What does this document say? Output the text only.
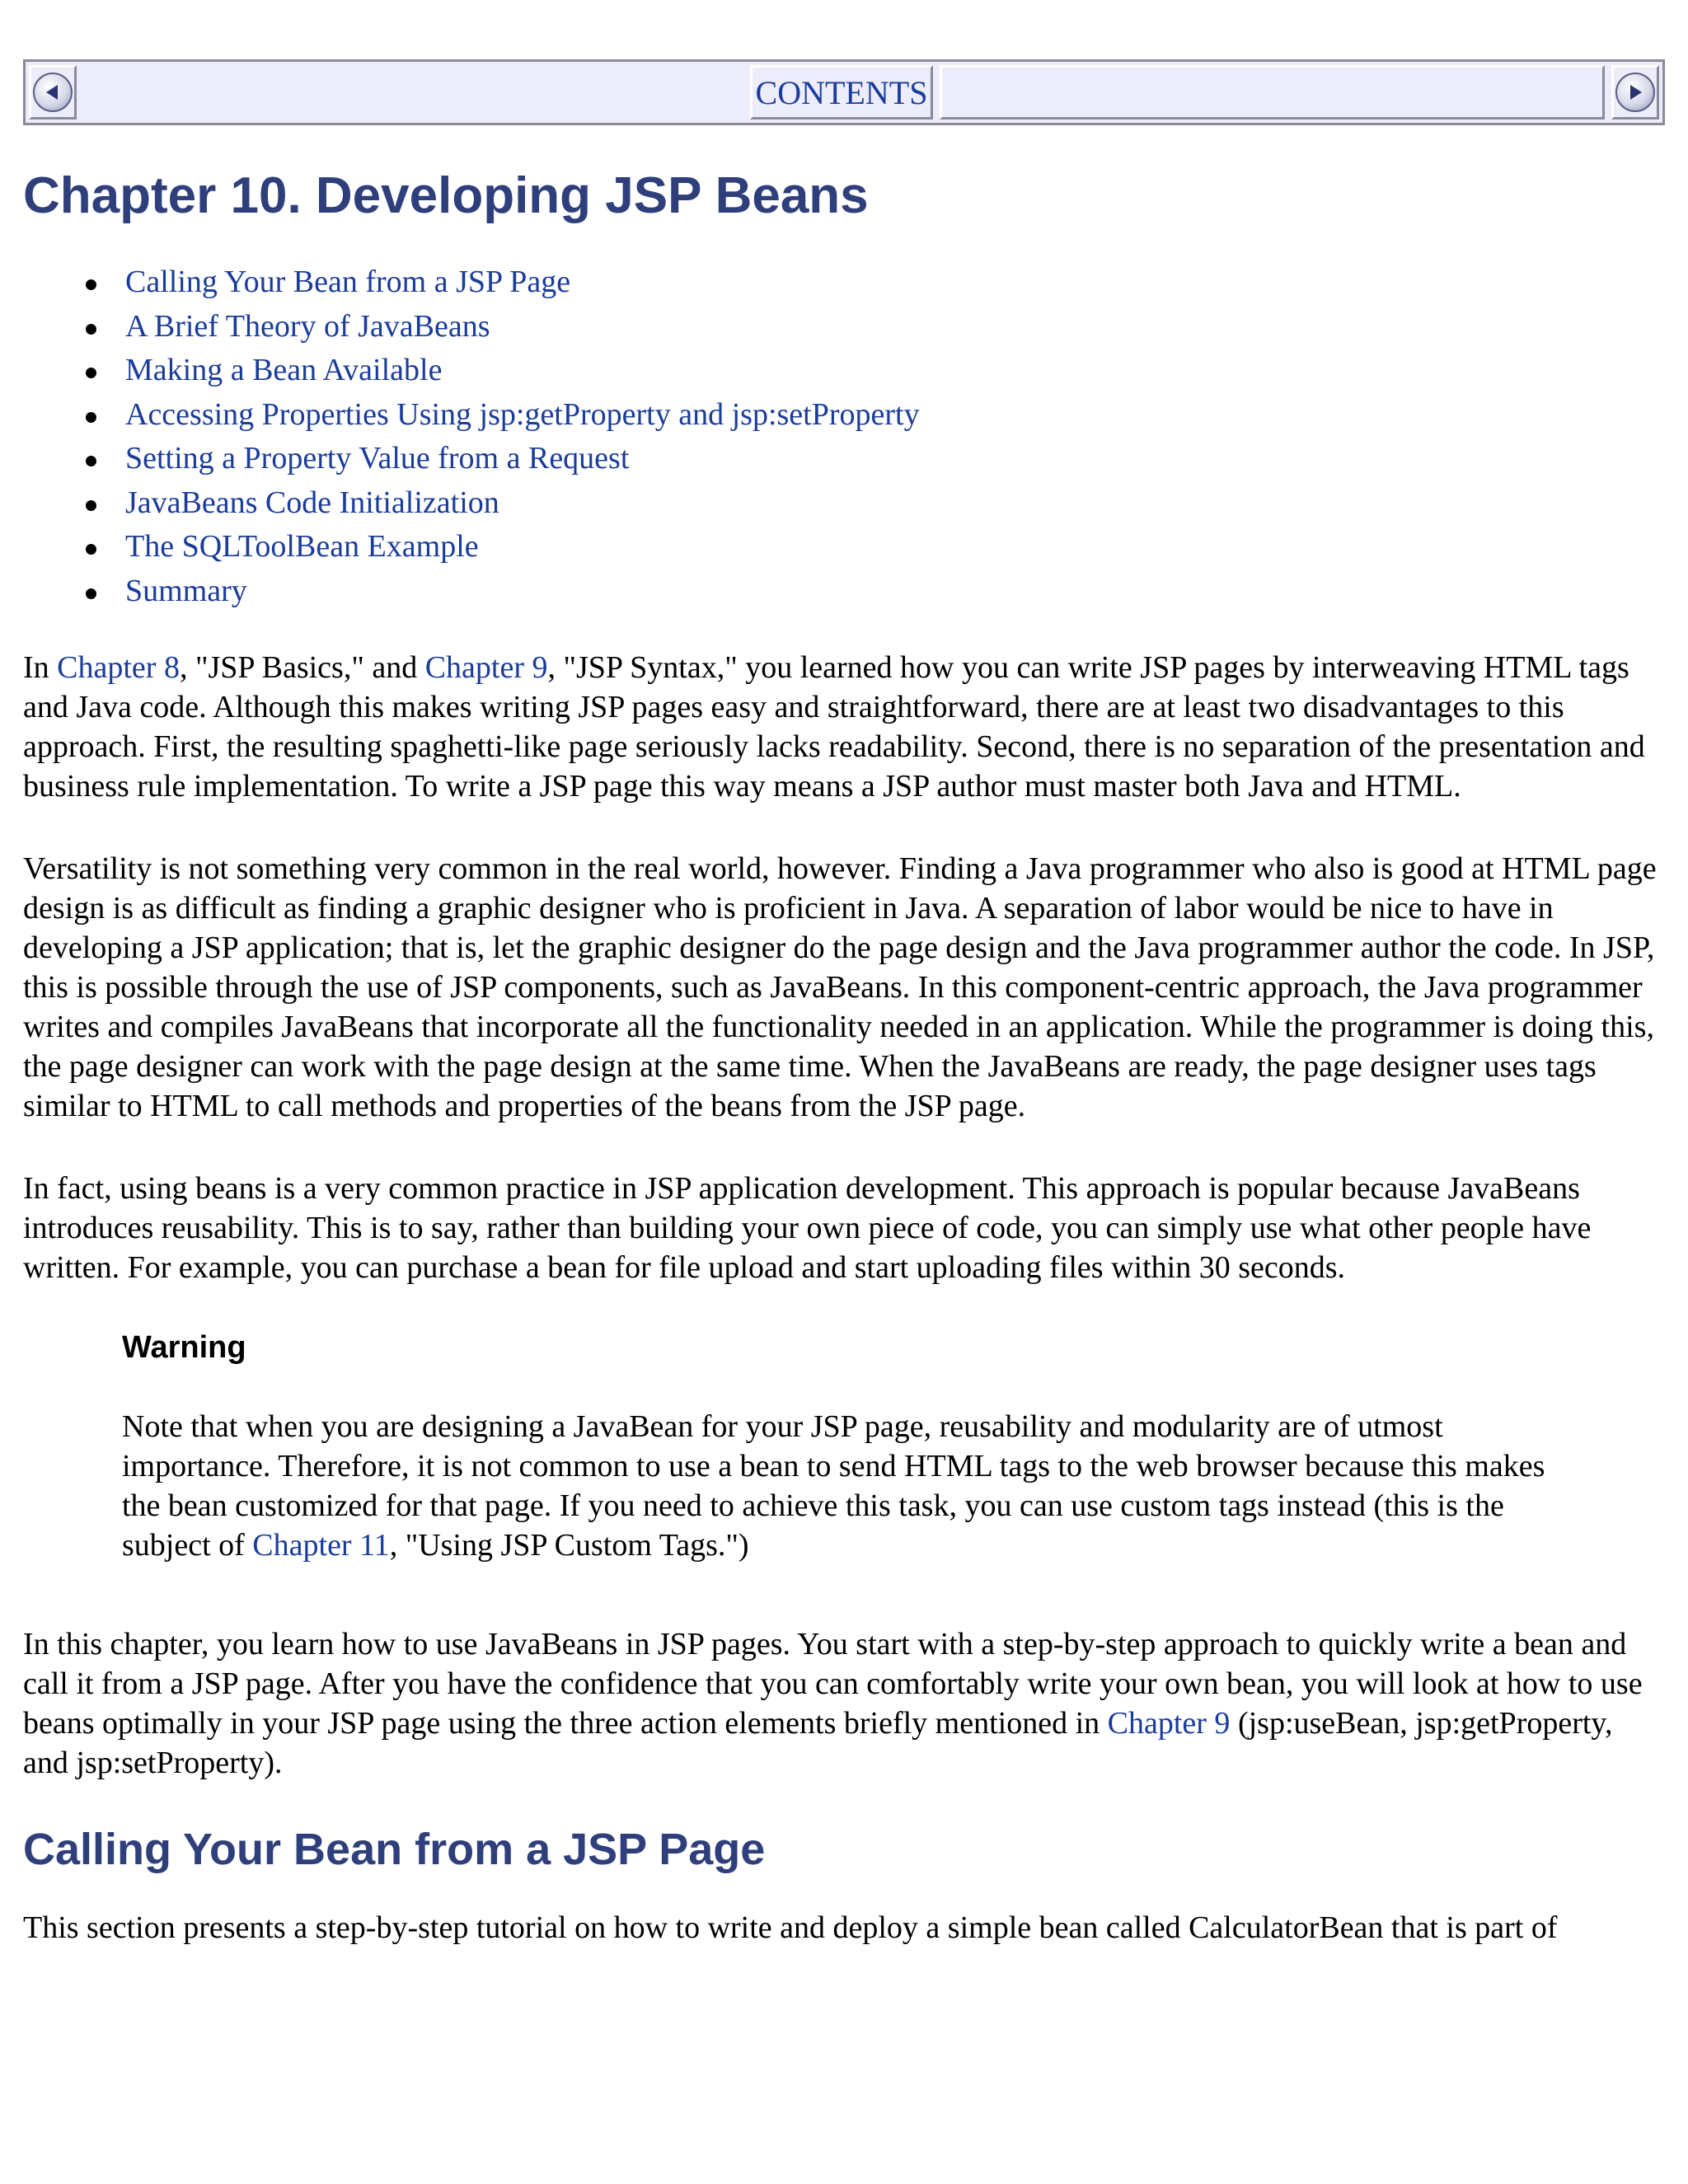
CONTENTS
Chapter 10. Developing JSP Beans
Calling Your Bean from a JSP Page
A Brief Theory of JavaBeans
Making a Bean Available
Accessing Properties Using jsp:getProperty and jsp:setProperty
Setting a Property Value from a Request
JavaBeans Code Initialization
The SQLToolBean Example
Summary

In Chapter 8, "JSP Basics," and Chapter 9, "JSP Syntax," you learned how you can write JSP pages by interweaving HTML tags and Java code. Although this makes writing JSP pages easy and straightforward, there are at least two disadvantages to this approach. First, the resulting spaghetti-like page seriously lacks readability. Second, there is no separation of the presentation and business rule implementation. To write a JSP page this way means a JSP author must master both Java and HTML.

Versatility is not something very common in the real world, however. Finding a Java programmer who also is good at HTML page design is as difficult as finding a graphic designer who is proficient in Java. A separation of labor would be nice to have in developing a JSP application; that is, let the graphic designer do the page design and the Java programmer author the code. In JSP, this is possible through the use of JSP components, such as JavaBeans. In this component-centric approach, the Java programmer writes and compiles JavaBeans that incorporate all the functionality needed in an application. While the programmer is doing this, the page designer can work with the page design at the same time. When the JavaBeans are ready, the page designer uses tags similar to HTML to call methods and properties of the beans from the JSP page.

In fact, using beans is a very common practice in JSP application development. This approach is popular because JavaBeans introduces reusability. This is to say, rather than building your own piece of code, you can simply use what other people have written. For example, you can purchase a bean for file upload and start uploading files within 30 seconds.

Warning

Note that when you are designing a JavaBean for your JSP page, reusability and modularity are of utmost importance. Therefore, it is not common to use a bean to send HTML tags to the web browser because this makes the bean customized for that page. If you need to achieve this task, you can use custom tags instead (this is the subject of Chapter 11, "Using JSP Custom Tags.")

In this chapter, you learn how to use JavaBeans in JSP pages. You start with a step-by-step approach to quickly write a bean and call it from a JSP page. After you have the confidence that you can comfortably write your own bean, you will look at how to use beans optimally in your JSP page using the three action elements briefly mentioned in Chapter 9 (jsp:useBean, jsp:getProperty, and jsp:setProperty).

Calling Your Bean from a JSP Page

This section presents a step-by-step tutorial on how to write and deploy a simple bean called CalculatorBean that is part of
